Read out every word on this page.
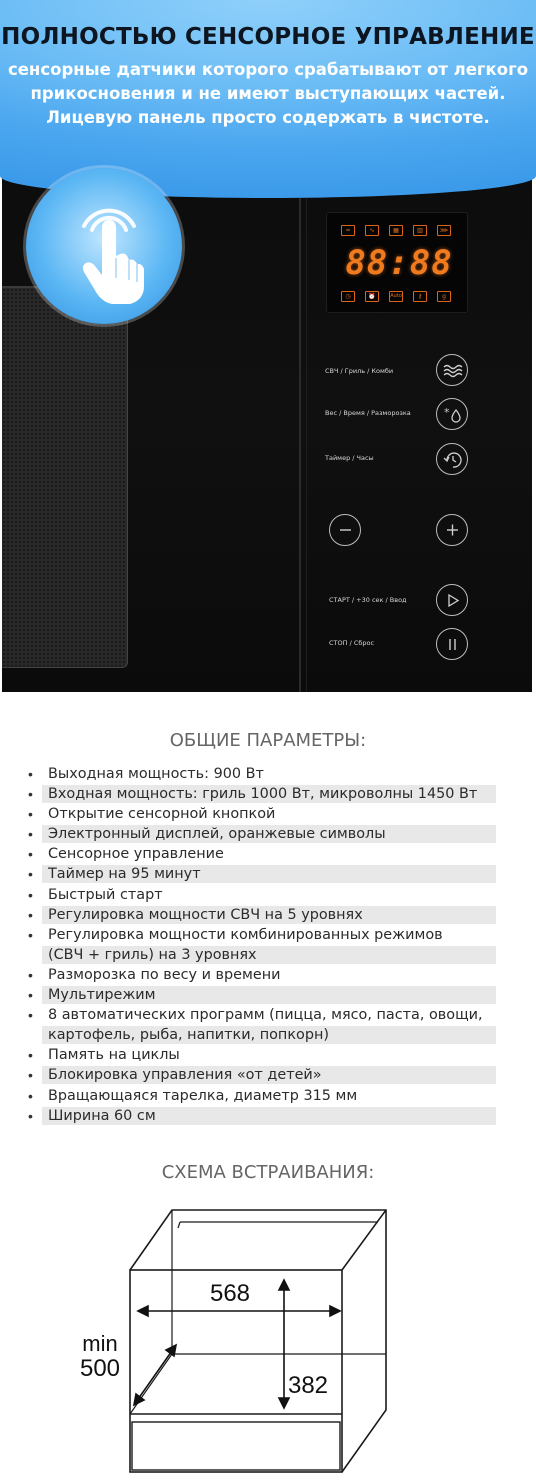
ПОЛНОСТЬЮ СЕНСОРНОЕ УПРАВЛЕНИЕ
сенсорные датчики которого срабатывают от легкого
прикосновения и не имеют выступающих частей.
Лицевую панель просто содержать в чистоте.
≈	∿	▦	▥	⋙
88:88
◷	⏰	Auto	⚷	g
СВЧ / Гриль / Комби
Вес / Время / Разморозка	*
Таймер / Часы
СТАРТ / +30 сек / Ввод
СТОП / Сброс
ОБЩИЕ ПАРАМЕТРЫ:
•	Выходная мощность: 900 Вт
•	Входная мощность: гриль 1000 Вт, микроволны 1450 Вт
•	Открытие сенсорной кнопкой
•	Электронный дисплей, оранжевые символы
•	Сенсорное управление
•	Таймер на 95 минут
•	Быстрый старт
•	Регулировка мощности СВЧ на 5 уровнях
•	Регулировка мощности комбинированных режимов
(СВЧ + гриль) на 3 уровнях
•	Разморозка по весу и времени
•	Мультирежим
•	8 автоматических программ (пицца, мясо, паста, овощи,
картофель, рыба, напитки, попкорн)
•	Память на циклы
•	Блокировка управления «от детей»
•	Вращающаяся тарелка, диаметр 315 мм
•	Ширина 60 см
СХЕМА ВСТРАИВАНИЯ:
568
min
500
382
